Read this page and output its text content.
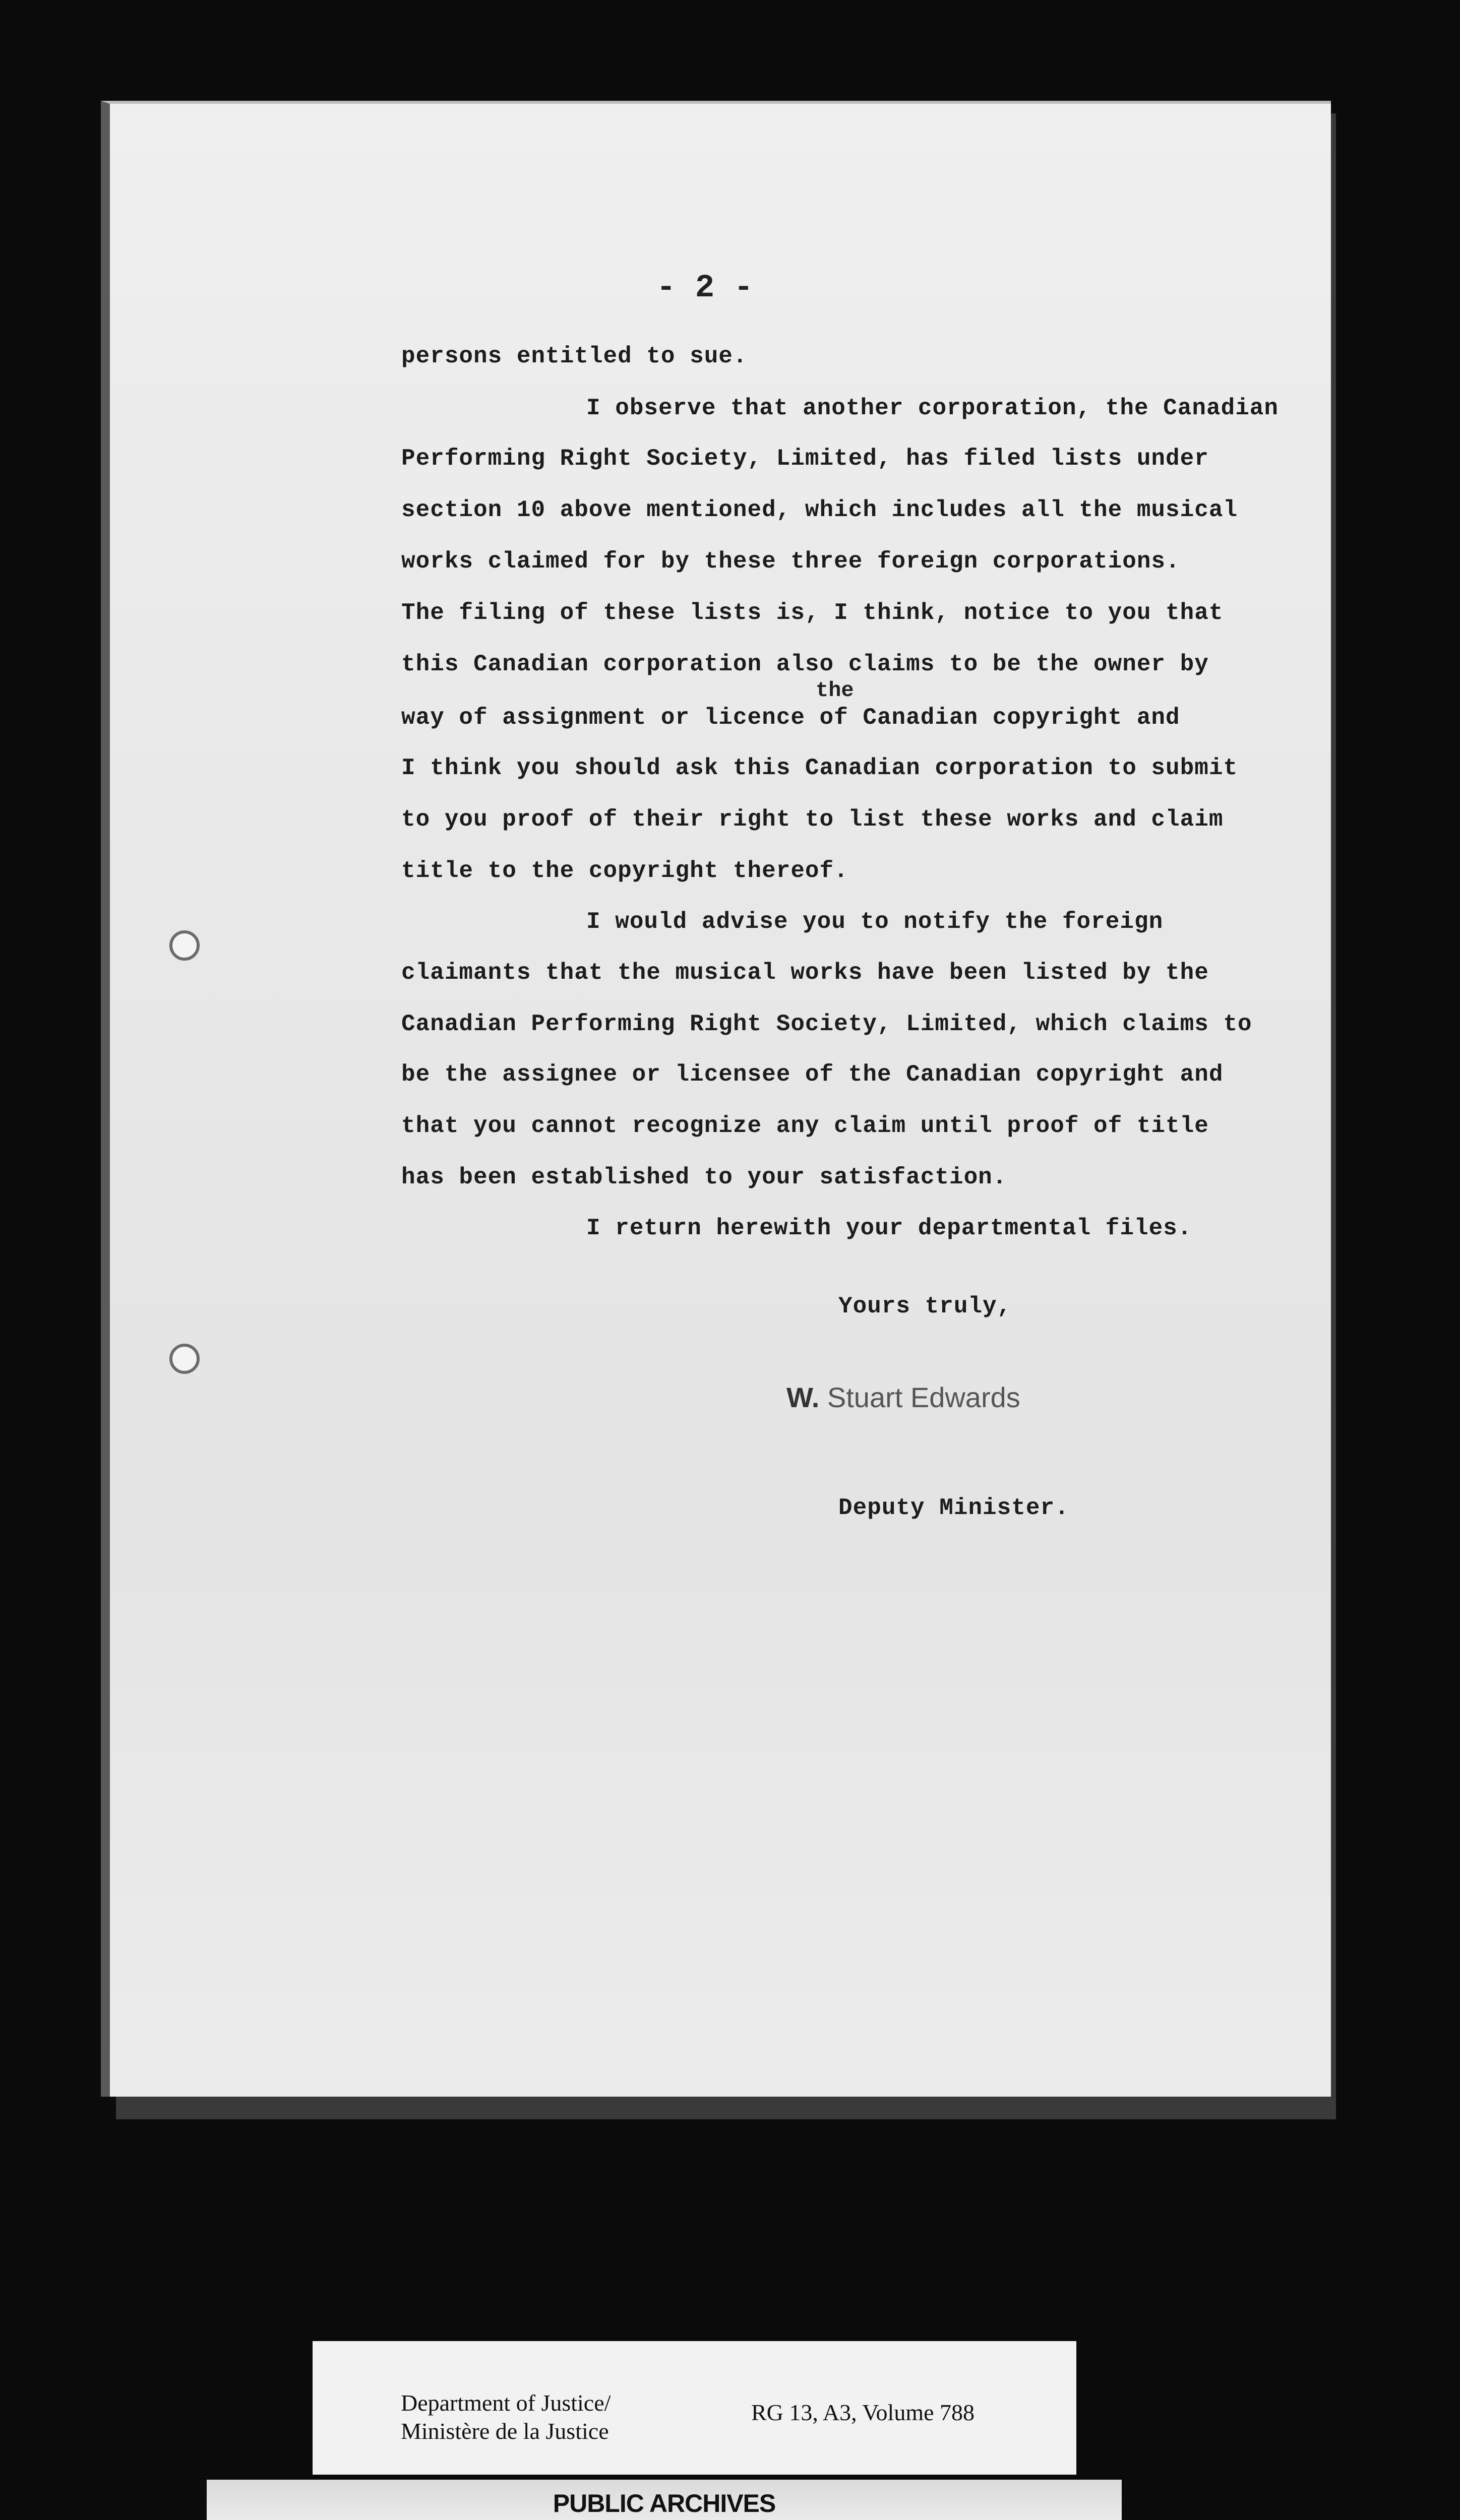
- 2 -
persons entitled to sue.
I observe that another corporation, the Canadian
Performing Right Society, Limited, has filed lists under
section 10 above mentioned, which includes all the musical
works claimed for by these three foreign corporations.
The filing of these lists is, I think, notice to you that
this Canadian corporation also claims to be the owner by
the
way of assignment or licence of Canadian copyright and
I think you should ask this Canadian corporation to submit
to you proof of their right to list these works and claim
title to the copyright thereof.
I would advise you to notify the foreign
claimants that the musical works have been listed by the
Canadian Performing Right Society, Limited, which claims to
be the assignee or licensee of the Canadian copyright and
that you cannot recognize any claim until proof of title
has been established to your satisfaction.
I return herewith your departmental files.
Yours truly,
Deputy Minister.
W. Stuart Edwards
Department of Justice/
Ministère de la Justice
RG 13, A3, Volume 788
PUBLIC ARCHIVES
